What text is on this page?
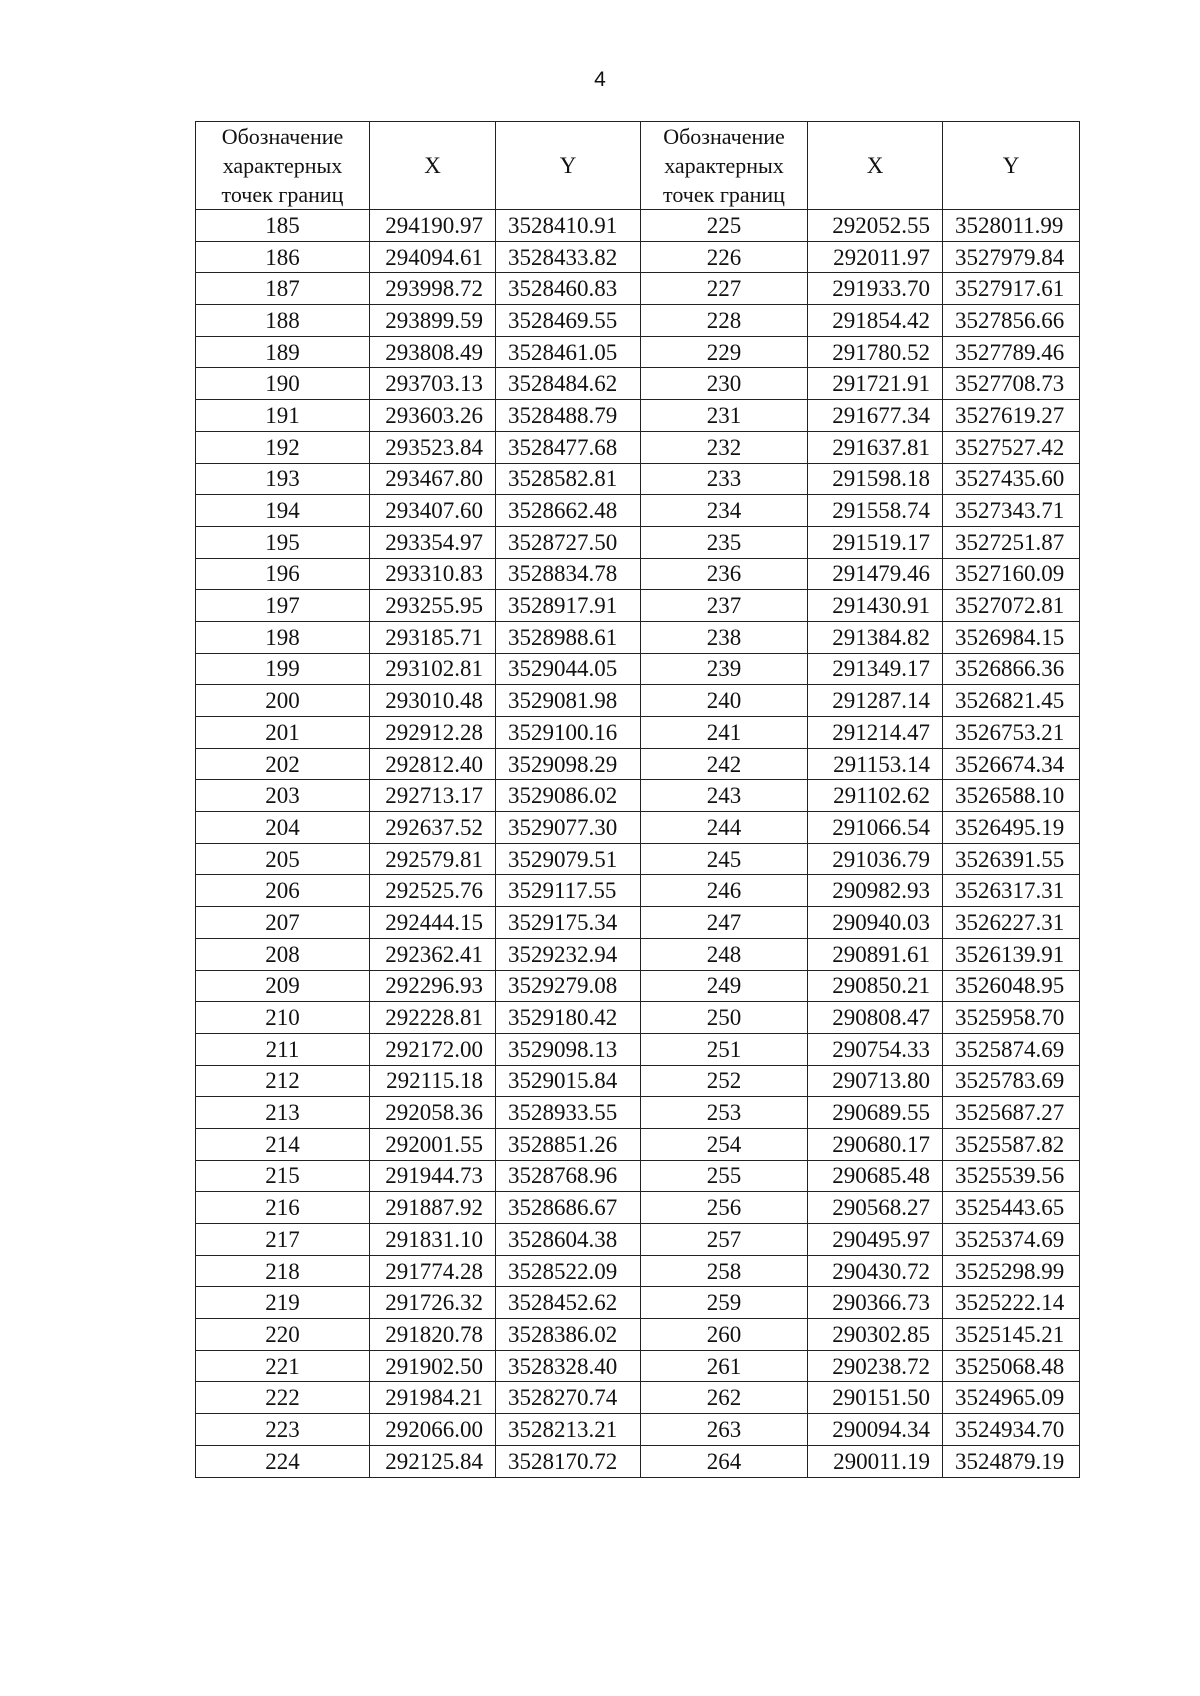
4
Обозначение характерных точек границ	X	Y	Обозначение характерных точек границ	X	Y
185	294190.97	3528410.91	225	292052.55	3528011.99
186	294094.61	3528433.82	226	292011.97	3527979.84
187	293998.72	3528460.83	227	291933.70	3527917.61
188	293899.59	3528469.55	228	291854.42	3527856.66
189	293808.49	3528461.05	229	291780.52	3527789.46
190	293703.13	3528484.62	230	291721.91	3527708.73
191	293603.26	3528488.79	231	291677.34	3527619.27
192	293523.84	3528477.68	232	291637.81	3527527.42
193	293467.80	3528582.81	233	291598.18	3527435.60
194	293407.60	3528662.48	234	291558.74	3527343.71
195	293354.97	3528727.50	235	291519.17	3527251.87
196	293310.83	3528834.78	236	291479.46	3527160.09
197	293255.95	3528917.91	237	291430.91	3527072.81
198	293185.71	3528988.61	238	291384.82	3526984.15
199	293102.81	3529044.05	239	291349.17	3526866.36
200	293010.48	3529081.98	240	291287.14	3526821.45
201	292912.28	3529100.16	241	291214.47	3526753.21
202	292812.40	3529098.29	242	291153.14	3526674.34
203	292713.17	3529086.02	243	291102.62	3526588.10
204	292637.52	3529077.30	244	291066.54	3526495.19
205	292579.81	3529079.51	245	291036.79	3526391.55
206	292525.76	3529117.55	246	290982.93	3526317.31
207	292444.15	3529175.34	247	290940.03	3526227.31
208	292362.41	3529232.94	248	290891.61	3526139.91
209	292296.93	3529279.08	249	290850.21	3526048.95
210	292228.81	3529180.42	250	290808.47	3525958.70
211	292172.00	3529098.13	251	290754.33	3525874.69
212	292115.18	3529015.84	252	290713.80	3525783.69
213	292058.36	3528933.55	253	290689.55	3525687.27
214	292001.55	3528851.26	254	290680.17	3525587.82
215	291944.73	3528768.96	255	290685.48	3525539.56
216	291887.92	3528686.67	256	290568.27	3525443.65
217	291831.10	3528604.38	257	290495.97	3525374.69
218	291774.28	3528522.09	258	290430.72	3525298.99
219	291726.32	3528452.62	259	290366.73	3525222.14
220	291820.78	3528386.02	260	290302.85	3525145.21
221	291902.50	3528328.40	261	290238.72	3525068.48
222	291984.21	3528270.74	262	290151.50	3524965.09
223	292066.00	3528213.21	263	290094.34	3524934.70
224	292125.84	3528170.72	264	290011.19	3524879.19
